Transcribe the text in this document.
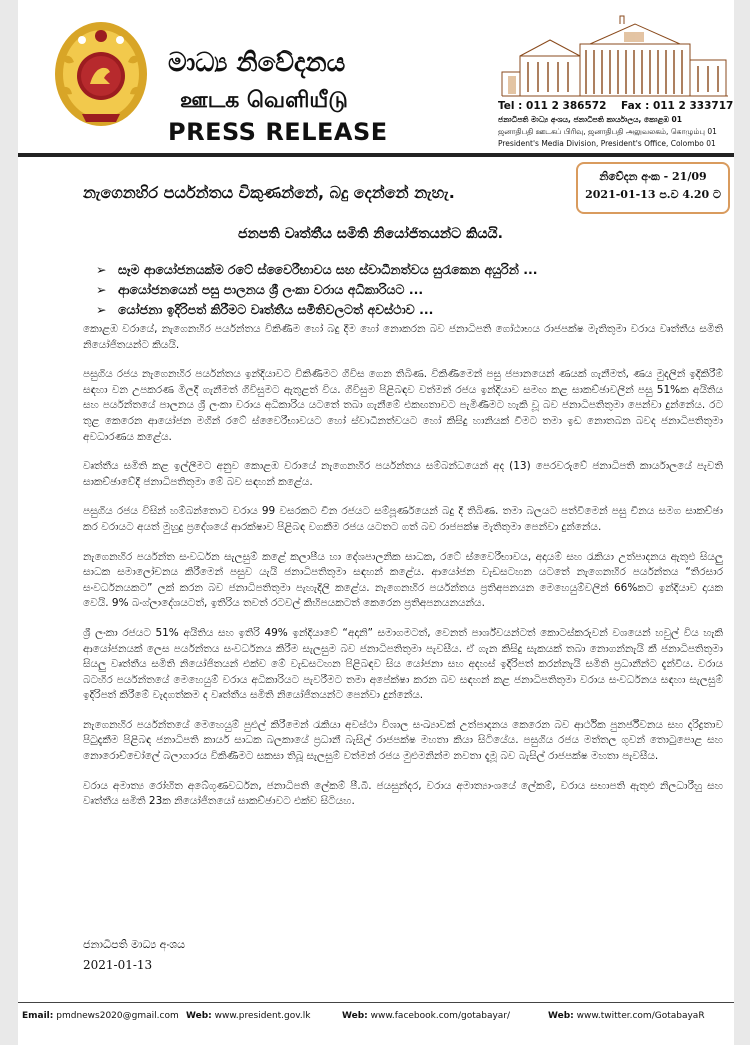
මාධ්‍ය නිවේදනය
ஊடக வெளியீடு
PRESS RELEASE
Tel : 011 2 386572 Fax : 011 2 333717
ජනාධිපති මාධ්‍ය අංශය, ජනාධිපති කාර්යාලය, කොළඹ 01
ஜனாதிபதி ஊடகப் பிரிவு, ஜனாதிபதி அலுவலகம், கொழும்பு 01
President's Media Division, President's Office, Colombo 01
නිවේදන අංක - 21/09
2021-01-13 ප.ව 4.20 ට
නැගෙනහිර පර්යන්තය විකුණන්නේ, බදු දෙන්නේ නැහැ.
ජනපති වෘත්තීය සමිති නියෝජිතයන්ට කියයි.
➢ සෑම ආයෝජනයක්ම රටේ ස්වෛරීභාවය සහ ස්වාධීනත්වය සුරැකෙන අයුරින් ...
➢ ආයෝජනයෙන් පසු පාලනය ශ්‍රී ලංකා වරාය අධිකාරියට ...
➢ යෝජනා ඉදිරිපත් කිරීමට වෘත්තීය සමිතිවලටත් අවස්ථාව ...

කොළඹ වරායේ, නැගෙනහිර පර්යන්තය විකිණීම හෝ බදු දීම හෝ නොකරන බව ජනාධිපති ගෝඨාභය රාජපක්ෂ මැතිතුමා වරාය වෘත්තීය සමිති නියෝජිතයන්ට කියයි.

පසුගිය රජය නැගෙනහිර පර්යන්තය ඉන්දියාවට විකිණීමට ගිවිස ගෙන තිබිණ. විකිණීමෙන් පසු ජපානයෙන් ණයක් ගැනීමත්, ණය මුදලින් ඉදිකිරීම් සඳහා වන උපකරණ මිලදී ගැනීමත් ගිවිසුමට ඇතුළත් විය. ගිවිසුම පිළිබඳව වත්මන් රජය ඉන්දියාව සමඟ කළ සාකච්ඡාවලින් පසු 51%ක අයිතිය සහ පර්යන්තයේ පාලනය ශ්‍රී ලංකා වරාය අධිකාරිය යටතේ තබා ගැනීමේ එකඟතාවට පැමිණීමට හැකි වූ බව ජනාධිපතිතුමා පෙන්වා දුන්නේය. රට තුළ කෙරෙන ආයෝජන මගින් රටේ ස්වෛරීභාවයට හෝ ස්වාධීනත්වයට හෝ කිසිදු හානියක් වීමට තමා ඉඩ නොතබන බවද ජනාධිපතිතුමා අවධාරණය කළේය.

වෘත්තීය සමිති කළ ඉල්ලීමට අනුව කොළඹ වරායේ නැගෙනහිර පර්යන්තය සම්බන්ධයෙන් අද (13) පෙරවරුවේ ජනාධිපති කාර්යාලයේ පැවති සාකච්ඡාවේදී ජනාධිපතිතුමා මේ බව සඳහන් කළේය.

පසුගිය රජය විසින් හම්බන්තොට වරාය 99 වසරකට චීන රජයට සම්පූර්ණයෙන් බදු දී තිබිණ. තමා බලයට පත්වීමෙන් පසු චීනය සමග සාකච්ඡා කර වරායට අයත් මුහුදු ප්‍රදේශයේ ආරක්ෂාව පිළිබඳ වගකීම රජය යටතට ගත් බව රාජපක්ෂ මැතිතුමා පෙන්වා දුන්නේය.

නැගෙනහිර පර්යන්ත සංවර්ධන සැලසුම් කළේ කලාපීය හා දේශපාලනික සාධක, රටේ ස්වෛරීභාවය, අදායම් සහ රැකියා උත්පාදනය ඇතුළු සියලු සාධක සමාලෝචනය කිරීමෙන් පසුව යැයි ජනාධිපතිතුමා සඳහන් කළේය. ආයෝජන වැඩසටහන යටතේ නැගෙනහිර පර්යන්තය “තිරසාර සංවර්ධනයකට” ලක් කරන බව ජනාධිපතිතුමා පැහැදිලි කළේය. නැගෙනහිර පර්යන්තය ප්‍රතිඅපනයන මෙහෙයුම්වලින් 66%කට ඉන්දියාව දායක වෙයි. 9% බංග්ලාදේශයටත්, ඉතිරිය තවත් රටවල් කිහිපයකටත් කෙරෙන ප්‍රතිඅපනයනයන්ය.

ශ්‍රී ලංකා රජයට 51% අයිතිය සහ ඉතිරි 49% ඉන්දියාවේ “අදානි” සමාගමටත්, වෙනත් පාර්ශ්වයන්ටත් කොටස්කරුවන් වශයෙන් හවුල් විය හැකි ආයෝජනයක් ලෙස පර්යන්තය සංවර්ධනය කිරීම සැලසුම බව ජනාධිපතිතුමා පැවසීය. ඒ ගැන කිසිදු සැකයක් තබා නොගන්නැයි කී ජනාධිපතිතුමා සියලු වෘත්තීය සමිති නියෝජිතයන් එක්ව මේ වැඩසටහන පිළිබඳව සිය යෝජනා සහ අදහස් ඉදිරිපත් කරන්නැයි සමිති ප්‍රධානීන්ට දැන්වීය. වරාය බටහිර පර්යන්තයේ මෙහෙයුම් වරාය අධිකාරියට පැවරීමට තමා අපේක්ෂා කරන බව සඳහන් කළ ජනාධිපතිතුමා වරාය සංවර්ධනය සඳහා සැලසුම් ඉදිරිපත් කිරීමේ වැදගත්කම ද වෘත්තීය සමිති නියෝජිතයන්ට පෙන්වා දුන්නේය.

නැගෙනහිර පර්යන්තයේ මෙහෙයුම් පුළුල් කිරීමෙන් රැකියා අවස්ථා විශාල සංඛ්‍යාවක් උත්පාදනය කෙරෙන බව ආර්ථික පුනර්ජීවනය සහ දරිද්‍රතාව පිටුදැකීම පිළිබඳ ජනාධිපති කාර්ය සාධක බලකායේ ප්‍රධානී බැසිල් රාජපක්ෂ මහතා කියා සිටියේය. පසුගිය රජය මත්තල ගුවන් තොටුපොළ සහ නොරොච්චෝලේ බලාගාරය විකිණීමට සකසා තිබූ සැලසුම් වත්මන් රජය මුළුමනින්ම නවතා දැමූ බව බැසිල් රාජපක්ෂ මහතා පැවසීය.

වරාය අමාත්‍ය රෝහිත අබේගුණවර්ධන, ජනාධිපති ලේකම් පී.බී. ජයසුන්දර, වරාය අමාත්‍යාංශයේ ලේකම්, වරාය සභාපති ඇතුළු නිලධාරීහු සහ වෘත්තීය සමිති 23ක නියෝජිතයෝ සාකච්ඡාවට එක්ව සිටියහ.

ජනාධිපති මාධ්‍ය අංශය
2021-01-13
Email: pmdnews2020@gmail.com Web: www.president.gov.lk	Web: www.facebook.com/gotabayar/	Web: www.twitter.com/GotabayaR
